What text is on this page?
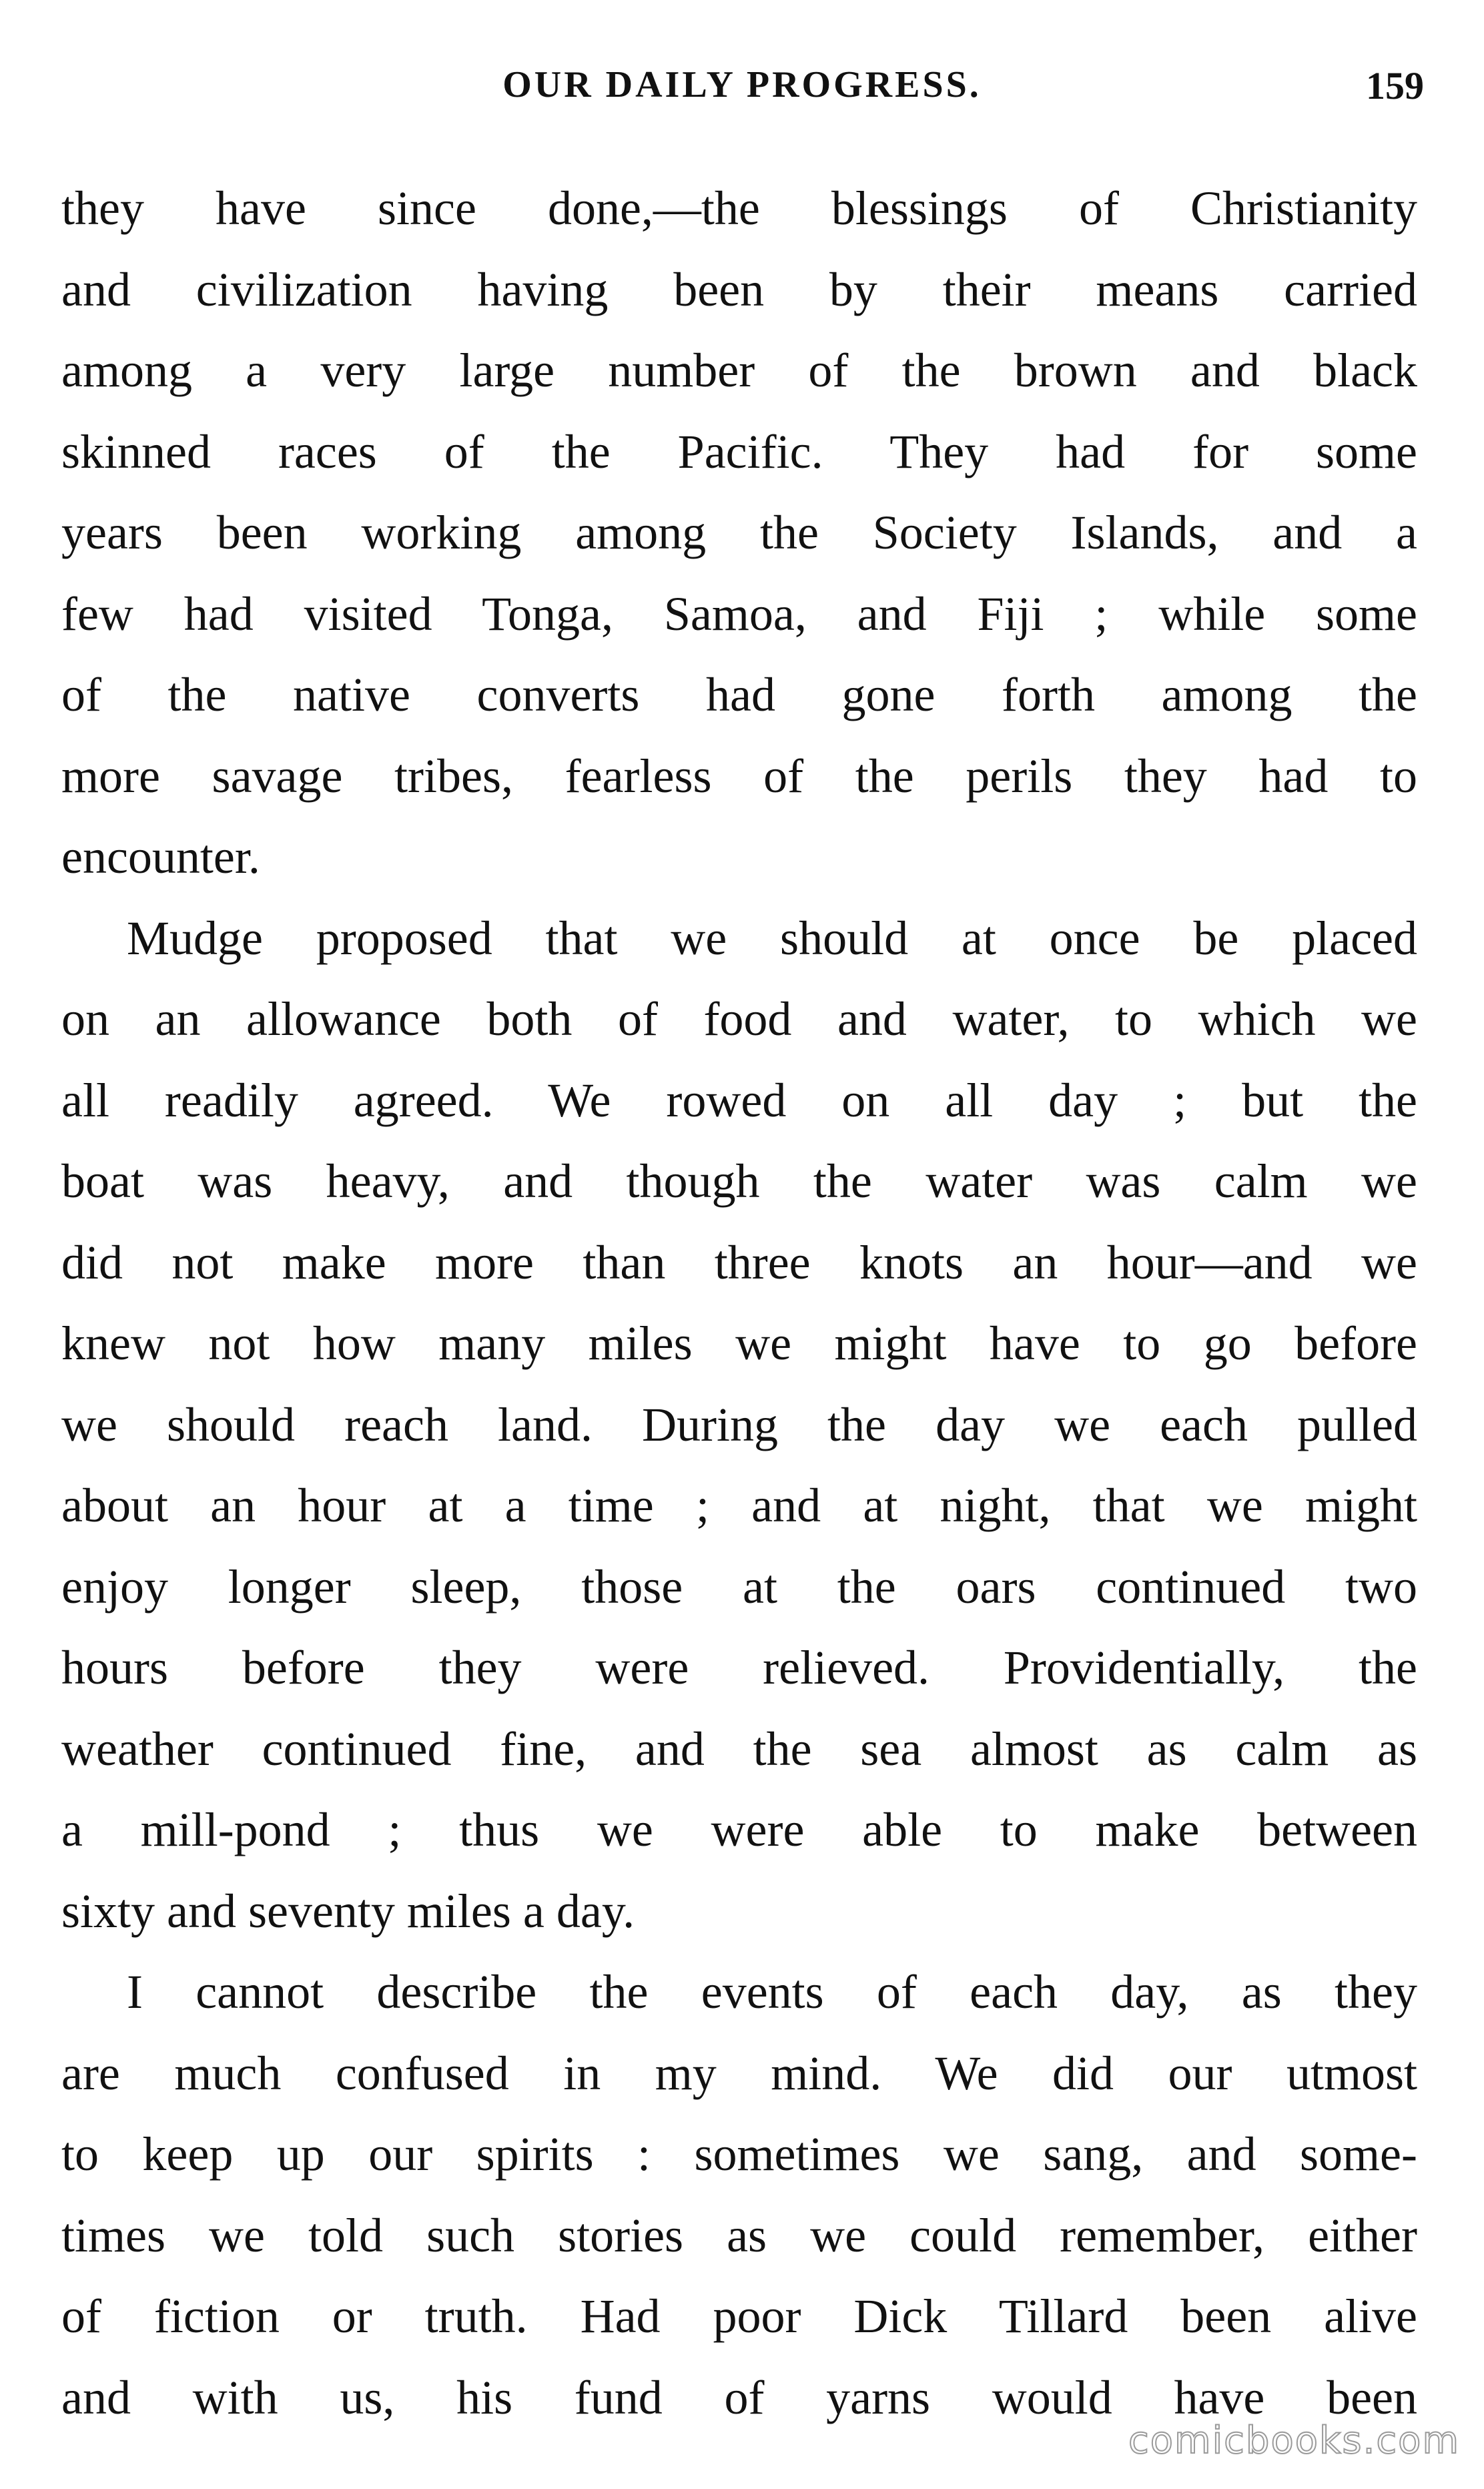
OUR DAILY PROGRESS.	159
they have since done,—the blessings of Christianity
and civilization having been by their means carried
among a very large number of the brown and black
skinned races of the Pacific. They had for some
years been working among the Society Islands, and a
few had visited Tonga, Samoa, and Fiji ; while some
of the native converts had gone forth among the
more savage tribes, fearless of the perils they had to
encounter.
Mudge proposed that we should at once be placed
on an allowance both of food and water, to which we
all readily agreed. We rowed on all day ; but the
boat was heavy, and though the water was calm we
did not make more than three knots an hour—and we
knew not how many miles we might have to go before
we should reach land. During the day we each pulled
about an hour at a time ; and at night, that we might
enjoy longer sleep, those at the oars continued two
hours before they were relieved. Providentially, the
weather continued fine, and the sea almost as calm as
a mill-pond ; thus we were able to make between
sixty and seventy miles a day.
I cannot describe the events of each day, as they
are much confused in my mind. We did our utmost
to keep up our spirits : sometimes we sang, and some-
times we told such stories as we could remember, either
of fiction or truth. Had poor Dick Tillard been alive
and with us, his fund of yarns would have been
comicbooks.com
